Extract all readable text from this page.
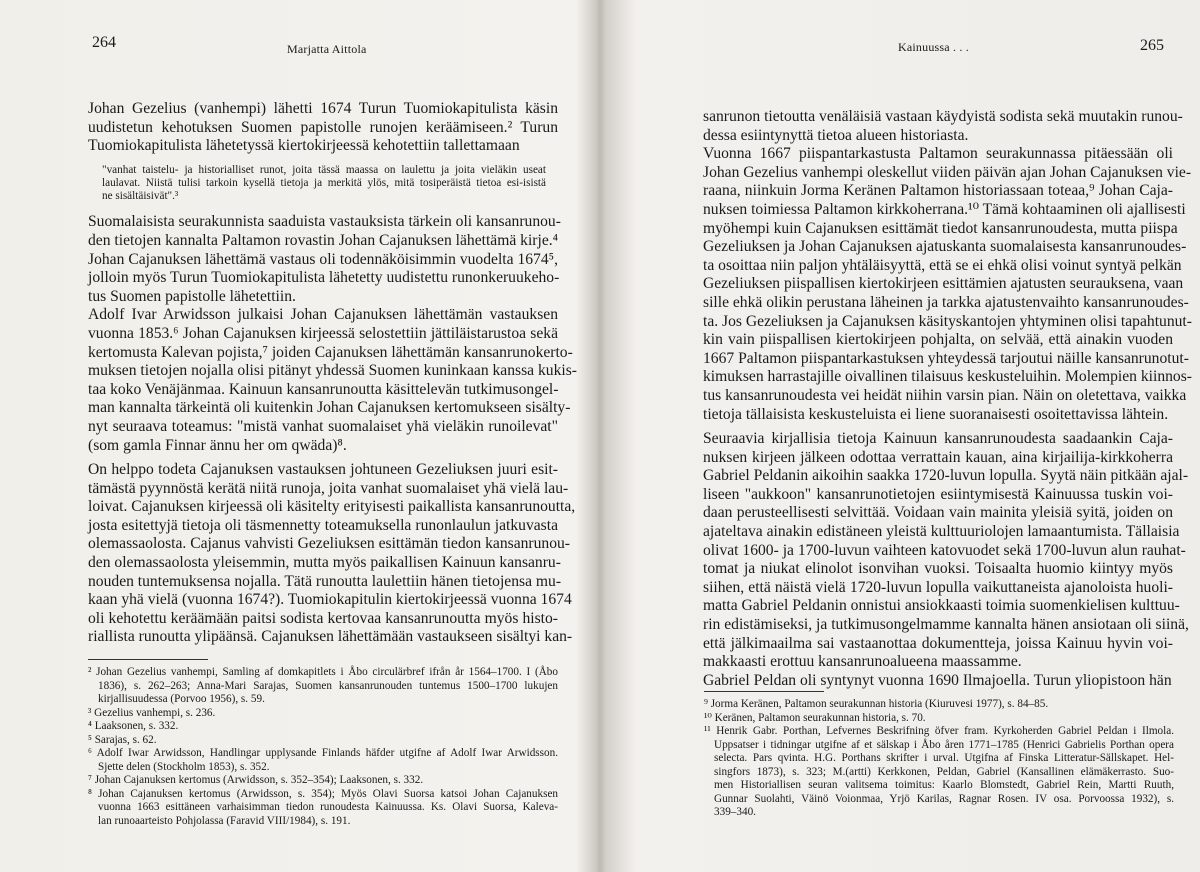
264	Marjatta Aittola
Johan Gezelius (vanhempi) lähetti 1674 Turun Tuomiokapitulista käsin
uudistetun kehotuksen Suomen papistolle runojen keräämiseen.² Turun
Tuomiokapitulista lähetetyssä kiertokirjeessä kehotettiin tallettamaan
"vanhat taistelu- ja historialliset runot, joita tässä maassa on laulettu ja joita vieläkin useat
laulavat. Niistä tulisi tarkoin kysellä tietoja ja merkitä ylös, mitä tosiperäistä tietoa esi-isistä
ne sisältäisivät".³
Suomalaisista seurakunnista saaduista vastauksista tärkein oli kansanrunou-
den tietojen kannalta Paltamon rovastin Johan Cajanuksen lähettämä kirje.⁴
Johan Cajanuksen lähettämä vastaus oli todennäköisimmin vuodelta 1674⁵,
jolloin myös Turun Tuomiokapitulista lähetetty uudistettu runonkeruukeho-
tus Suomen papistolle lähetettiin.
Adolf Ivar Arwidsson julkaisi Johan Cajanuksen lähettämän vastauksen
vuonna 1853.⁶ Johan Cajanuksen kirjeessä selostettiin jättiläistarustoa sekä
kertomusta Kalevan pojista,⁷ joiden Cajanuksen lähettämän kansanrunokerto-
muksen tietojen nojalla olisi pitänyt yhdessä Suomen kuninkaan kanssa kukis-
taa koko Venäjänmaa. Kainuun kansanrunoutta käsittelevän tutkimusongel-
man kannalta tärkeintä oli kuitenkin Johan Cajanuksen kertomukseen sisälty-
nyt seuraava toteamus: "mistä vanhat suomalaiset yhä vieläkin runoilevat"
(som gamla Finnar ännu her om qwäda)⁸.
On helppo todeta Cajanuksen vastauksen johtuneen Gezeliuksen juuri esit-
tämästä pyynnöstä kerätä niitä runoja, joita vanhat suomalaiset yhä vielä lau-
loivat. Cajanuksen kirjeessä oli käsitelty erityisesti paikallista kansanrunoutta,
josta esitettyjä tietoja oli täsmennetty toteamuksella runonlaulun jatkuvasta
olemassaolosta. Cajanus vahvisti Gezeliuksen esittämän tiedon kansanrunou-
den olemassaolosta yleisemmin, mutta myös paikallisen Kainuun kansanru-
nouden tuntemuksensa nojalla. Tätä runoutta laulettiin hänen tietojensa mu-
kaan yhä vielä (vuonna 1674?). Tuomiokapitulin kiertokirjeessä vuonna 1674
oli kehotettu keräämään paitsi sodista kertovaa kansanrunoutta myös histo-
riallista runoutta ylipäänsä. Cajanuksen lähettämään vastaukseen sisältyi kan-
² Johan Gezelius vanhempi, Samling af domkapitlets i Åbo circulärbref ifrån år 1564–1700. I (Åbo
1836), s. 262–263; Anna-Mari Sarajas, Suomen kansanrunouden tuntemus 1500–1700 lukujen
kirjallisuudessa (Porvoo 1956), s. 59.
³ Gezelius vanhempi, s. 236.
⁴ Laaksonen, s. 332.
⁵ Sarajas, s. 62.
⁶ Adolf Iwar Arwidsson, Handlingar upplysande Finlands häfder utgifne af Adolf Iwar Arwidsson.
Sjette delen (Stockholm 1853), s. 352.
⁷ Johan Cajanuksen kertomus (Arwidsson, s. 352–354); Laaksonen, s. 332.
⁸ Johan Cajanuksen kertomus (Arwidsson, s. 354); Myös Olavi Suorsa katsoi Johan Cajanuksen
vuonna 1663 esittäneen varhaisimman tiedon runoudesta Kainuussa. Ks. Olavi Suorsa, Kaleva-
lan runoaarteisto Pohjolassa (Faravid VIII/1984), s. 191.
Kainuussa . . .	265
sanrunon tietoutta venäläisiä vastaan käydyistä sodista sekä muutakin runou-
dessa esiintynyttä tietoa alueen historiasta.
Vuonna 1667 piispantarkastusta Paltamon seurakunnassa pitäessään oli
Johan Gezelius vanhempi oleskellut viiden päivän ajan Johan Cajanuksen vie-
raana, niinkuin Jorma Keränen Paltamon historiassaan toteaa,⁹ Johan Caja-
nuksen toimiessa Paltamon kirkkoherrana.¹⁰ Tämä kohtaaminen oli ajallisesti
myöhempi kuin Cajanuksen esittämät tiedot kansanrunoudesta, mutta piispa
Gezeliuksen ja Johan Cajanuksen ajatuskanta suomalaisesta kansanrunoudes-
ta osoittaa niin paljon yhtäläisyyttä, että se ei ehkä olisi voinut syntyä pelkän
Gezeliuksen piispallisen kiertokirjeen esittämien ajatusten seurauksena, vaan
sille ehkä olikin perustana läheinen ja tarkka ajatustenvaihto kansanrunoudes-
ta. Jos Gezeliuksen ja Cajanuksen käsityskantojen yhtyminen olisi tapahtunut-
kin vain piispallisen kiertokirjeen pohjalta, on selvää, että ainakin vuoden
1667 Paltamon piispantarkastuksen yhteydessä tarjoutui näille kansanrunotut-
kimuksen harrastajille oivallinen tilaisuus keskusteluihin. Molempien kiinnos-
tus kansanrunoudesta vei heidät niihin varsin pian. Näin on oletettava, vaikka
tietoja tällaisista keskusteluista ei liene suoranaisesti osoitettavissa lähtein.
Seuraavia kirjallisia tietoja Kainuun kansanrunoudesta saadaankin Caja-
nuksen kirjeen jälkeen odottaa verrattain kauan, aina kirjailija-kirkkoherra
Gabriel Peldanin aikoihin saakka 1720-luvun lopulla. Syytä näin pitkään ajal-
liseen "aukkoon" kansanrunotietojen esiintymisestä Kainuussa tuskin voi-
daan perusteellisesti selvittää. Voidaan vain mainita yleisiä syitä, joiden on
ajateltava ainakin edistäneen yleistä kulttuuriolojen lamaantumista. Tällaisia
olivat 1600- ja 1700-luvun vaihteen katovuodet sekä 1700-luvun alun rauhat-
tomat ja niukat elinolot isonvihan vuoksi. Toisaalta huomio kiintyy myös
siihen, että näistä vielä 1720-luvun lopulla vaikuttaneista ajanoloista huoli-
matta Gabriel Peldanin onnistui ansiokkaasti toimia suomenkielisen kulttuu-
rin edistämiseksi, ja tutkimusongelmamme kannalta hänen ansiotaan oli siinä,
että jälkimaailma sai vastaanottaa dokumentteja, joissa Kainuu hyvin voi-
makkaasti erottuu kansanrunoalueena maassamme.
Gabriel Peldan oli syntynyt vuonna 1690 Ilmajoella. Turun yliopistoon hän
⁹ Jorma Keränen, Paltamon seurakunnan historia (Kiuruvesi 1977), s. 84–85.
¹⁰ Keränen, Paltamon seurakunnan historia, s. 70.
¹¹ Henrik Gabr. Porthan, Lefvernes Beskrifning öfver fram. Kyrkoherden Gabriel Peldan i Ilmola.
Uppsatser i tidningar utgifne af et sälskap i Åbo åren 1771–1785 (Henrici Gabrielis Porthan opera
selecta. Pars qvinta. H.G. Porthans skrifter i urval. Utgifna af Finska Litteratur-Sällskapet. Hel-
singfors 1873), s. 323; M.(artti) Kerkkonen, Peldan, Gabriel (Kansallinen elämäkerrasto. Suo-
men Historiallisen seuran valitsema toimitus: Kaarlo Blomstedt, Gabriel Rein, Martti Ruuth,
Gunnar Suolahti, Väinö Voionmaa, Yrjö Karilas, Ragnar Rosen. IV osa. Porvoossa 1932), s.
339–340.
